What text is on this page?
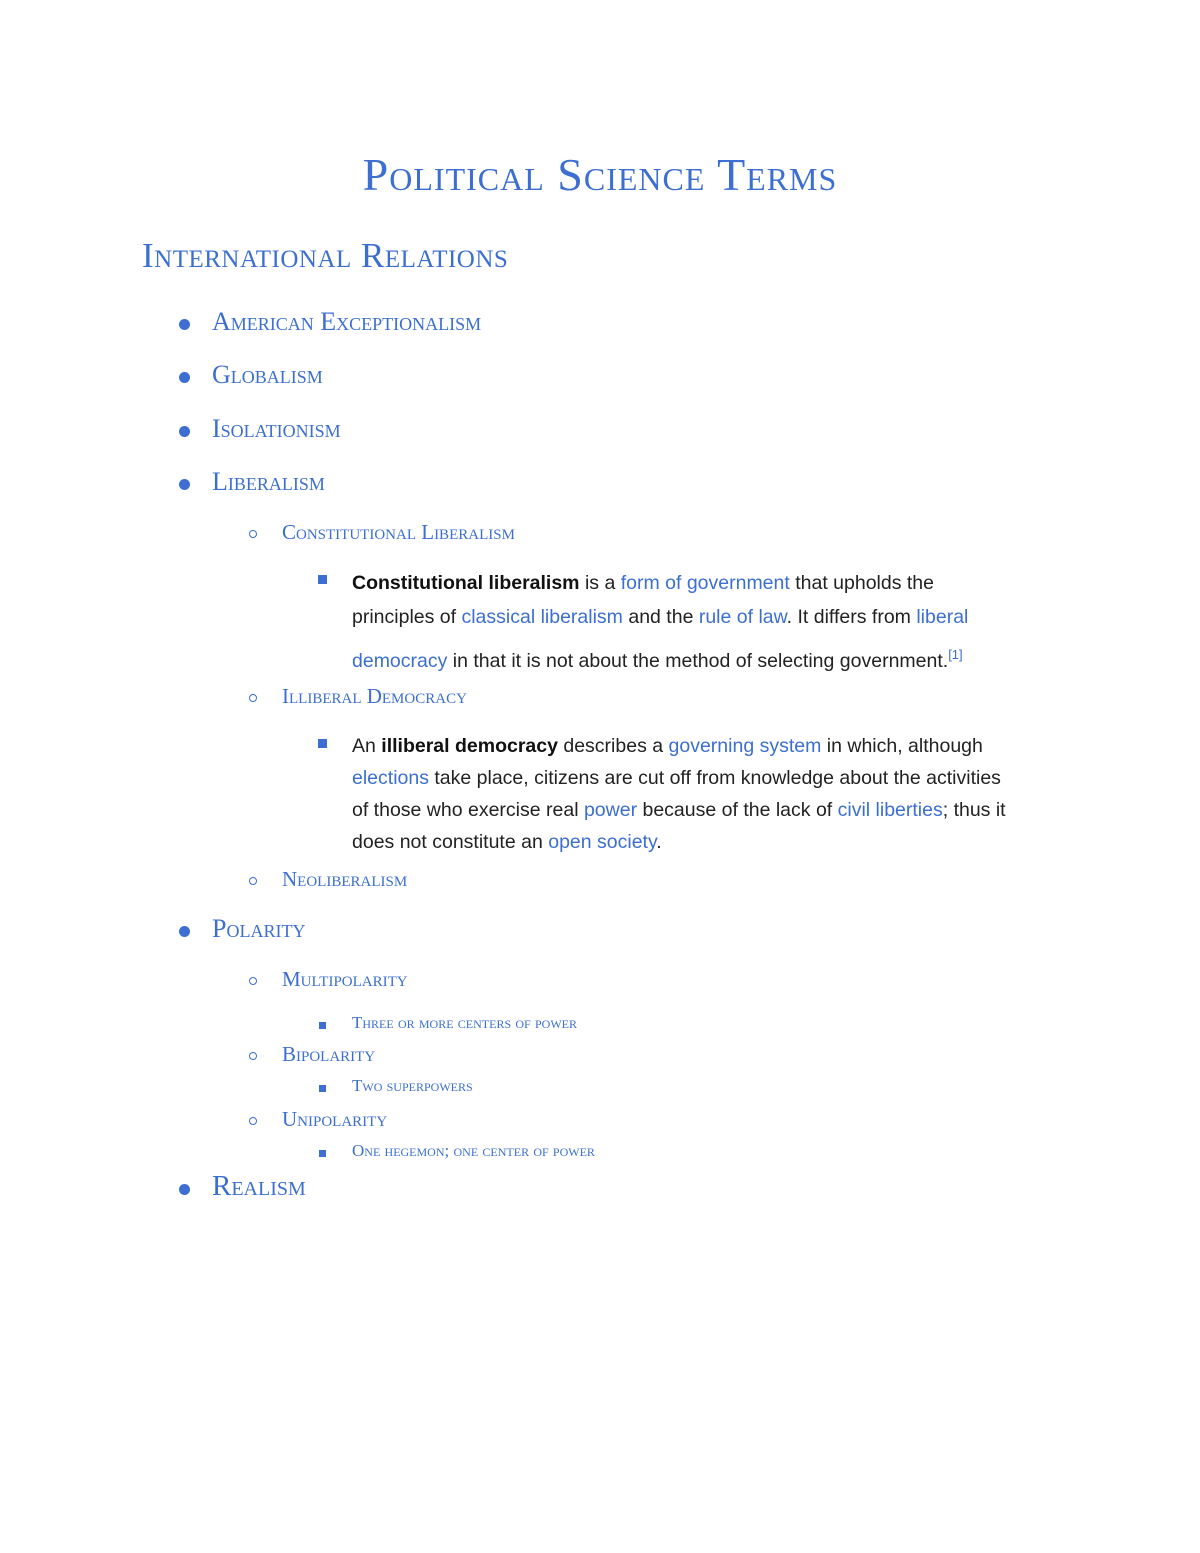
Political Science Terms
International Relations
American Exceptionalism
Globalism
Isolationism
Liberalism
Constitutional Liberalism

Constitutional liberalism is a form of government that upholds the
principles of classical liberalism and the rule of law. It differs from liberal
democracy in that it is not about the method of selecting government.[1]

Illiberal Democracy

An illiberal democracy describes a governing system in which, although
elections take place, citizens are cut off from knowledge about the activities
of those who exercise real power because of the lack of civil liberties; thus it
does not constitute an open society.

Neoliberalism
Polarity
Multipolarity
Three or more centers of power
Bipolarity
Two superpowers
Unipolarity
One hegemon; one center of power
Realism
